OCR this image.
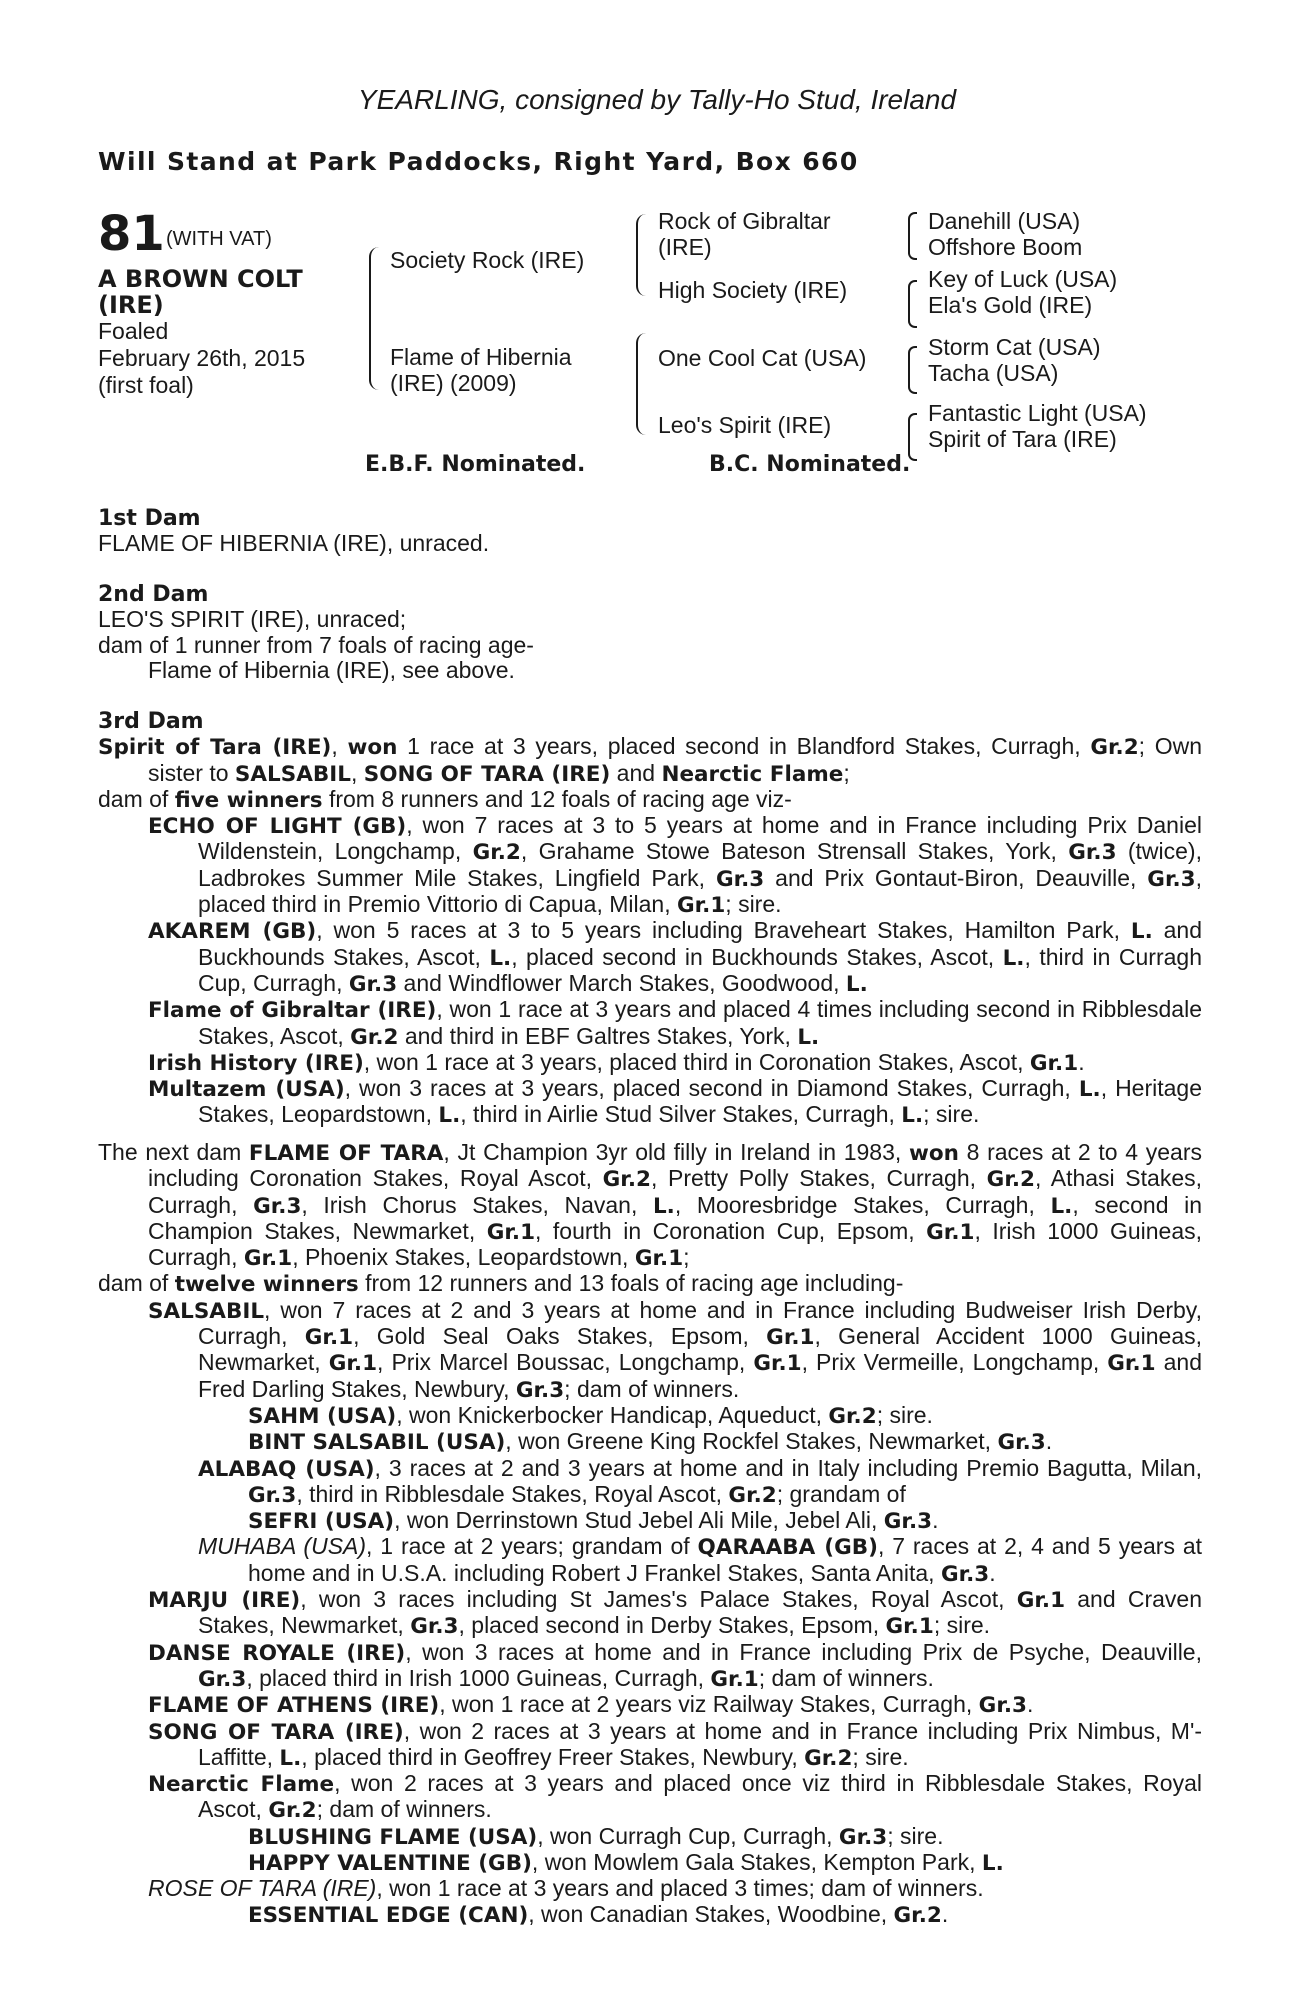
YEARLING, consigned by Tally-Ho Stud, Ireland
Will Stand at Park Paddocks, Right Yard, Box 660
81 (WITH VAT)
A BROWN COLT (IRE)
Foaled
February 26th, 2015
(first foal)
Society Rock (IRE)
Flame of Hibernia (IRE) (2009)
Rock of Gibraltar (IRE)
High Society (IRE)
One Cool Cat (USA)
Leo's Spirit (IRE)
Danehill (USA)
Offshore Boom
Key of Luck (USA)
Ela's Gold (IRE)
Storm Cat (USA)
Tacha (USA)
Fantastic Light (USA)
Spirit of Tara (IRE)
E.B.F. Nominated.	B.C. Nominated.
1st Dam
FLAME OF HIBERNIA (IRE), unraced.
2nd Dam
LEO'S SPIRIT (IRE), unraced;
dam of 1 runner from 7 foals of racing age-
Flame of Hibernia (IRE), see above.
3rd Dam
Spirit of Tara (IRE), won 1 race at 3 years, placed second in Blandford Stakes, Curragh, Gr.2; Own sister to SALSABIL, SONG OF TARA (IRE) and Nearctic Flame;
dam of five winners from 8 runners and 12 foals of racing age viz-
ECHO OF LIGHT (GB), won 7 races at 3 to 5 years at home and in France including Prix Daniel Wildenstein, Longchamp, Gr.2, Grahame Stowe Bateson Strensall Stakes, York, Gr.3 (twice), Ladbrokes Summer Mile Stakes, Lingfield Park, Gr.3 and Prix Gontaut-Biron, Deauville, Gr.3, placed third in Premio Vittorio di Capua, Milan, Gr.1; sire.
AKAREM (GB), won 5 races at 3 to 5 years including Braveheart Stakes, Hamilton Park, L. and Buckhounds Stakes, Ascot, L., placed second in Buckhounds Stakes, Ascot, L., third in Curragh Cup, Curragh, Gr.3 and Windflower March Stakes, Goodwood, L.
Flame of Gibraltar (IRE), won 1 race at 3 years and placed 4 times including second in Ribblesdale Stakes, Ascot, Gr.2 and third in EBF Galtres Stakes, York, L.
Irish History (IRE), won 1 race at 3 years, placed third in Coronation Stakes, Ascot, Gr.1.
Multazem (USA), won 3 races at 3 years, placed second in Diamond Stakes, Curragh, L., Heritage Stakes, Leopardstown, L., third in Airlie Stud Silver Stakes, Curragh, L.; sire.
The next dam FLAME OF TARA, Jt Champion 3yr old filly in Ireland in 1983, won 8 races at 2 to 4 years including Coronation Stakes, Royal Ascot, Gr.2, Pretty Polly Stakes, Curragh, Gr.2, Athasi Stakes, Curragh, Gr.3, Irish Chorus Stakes, Navan, L., Mooresbridge Stakes, Curragh, L., second in Champion Stakes, Newmarket, Gr.1, fourth in Coronation Cup, Epsom, Gr.1, Irish 1000 Guineas, Curragh, Gr.1, Phoenix Stakes, Leopardstown, Gr.1;
dam of twelve winners from 12 runners and 13 foals of racing age including-
SALSABIL, won 7 races at 2 and 3 years at home and in France including Budweiser Irish Derby, Curragh, Gr.1, Gold Seal Oaks Stakes, Epsom, Gr.1, General Accident 1000 Guineas, Newmarket, Gr.1, Prix Marcel Boussac, Longchamp, Gr.1, Prix Vermeille, Longchamp, Gr.1 and Fred Darling Stakes, Newbury, Gr.3; dam of winners.
SAHM (USA), won Knickerbocker Handicap, Aqueduct, Gr.2; sire.
BINT SALSABIL (USA), won Greene King Rockfel Stakes, Newmarket, Gr.3.
ALABAQ (USA), 3 races at 2 and 3 years at home and in Italy including Premio Bagutta, Milan, Gr.3, third in Ribblesdale Stakes, Royal Ascot, Gr.2; grandam of
SEFRI (USA), won Derrinstown Stud Jebel Ali Mile, Jebel Ali, Gr.3.
MUHABA (USA), 1 race at 2 years; grandam of QARAABA (GB), 7 races at 2, 4 and 5 years at home and in U.S.A. including Robert J Frankel Stakes, Santa Anita, Gr.3.
MARJU (IRE), won 3 races including St James's Palace Stakes, Royal Ascot, Gr.1 and Craven Stakes, Newmarket, Gr.3, placed second in Derby Stakes, Epsom, Gr.1; sire.
DANSE ROYALE (IRE), won 3 races at home and in France including Prix de Psyche, Deauville, Gr.3, placed third in Irish 1000 Guineas, Curragh, Gr.1; dam of winners.
FLAME OF ATHENS (IRE), won 1 race at 2 years viz Railway Stakes, Curragh, Gr.3.
SONG OF TARA (IRE), won 2 races at 3 years at home and in France including Prix Nimbus, M'-Laffitte, L., placed third in Geoffrey Freer Stakes, Newbury, Gr.2; sire.
Nearctic Flame, won 2 races at 3 years and placed once viz third in Ribblesdale Stakes, Royal Ascot, Gr.2; dam of winners.
BLUSHING FLAME (USA), won Curragh Cup, Curragh, Gr.3; sire.
HAPPY VALENTINE (GB), won Mowlem Gala Stakes, Kempton Park, L.
ROSE OF TARA (IRE), won 1 race at 3 years and placed 3 times; dam of winners.
ESSENTIAL EDGE (CAN), won Canadian Stakes, Woodbine, Gr.2.
